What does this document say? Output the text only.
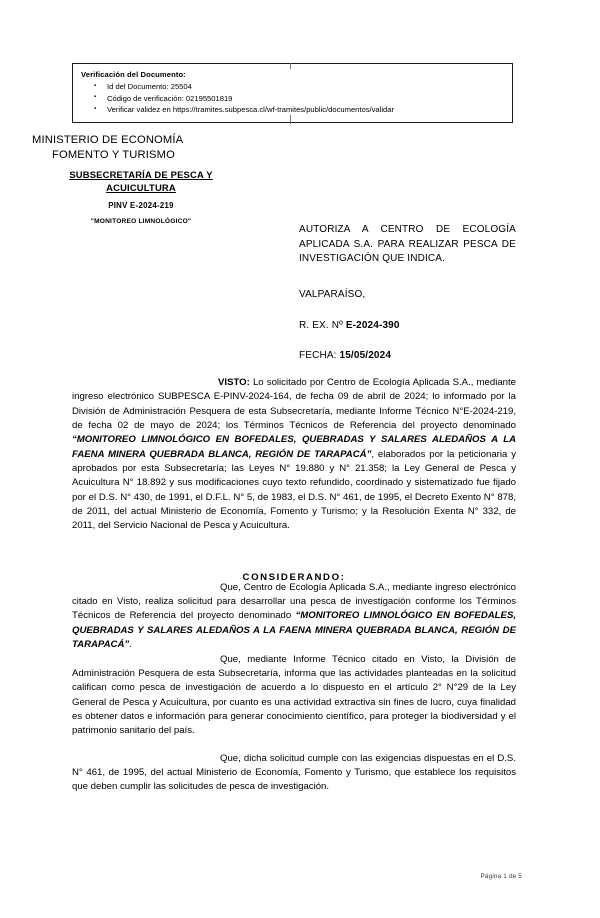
Verificación del Documento:
▪ Id del Documento: 25504
▪ Código de verificación: 02195501819
▪ Verificar validez en https://tramites.subpesca.cl/wf-tramites/public/documentos/validar
MINISTERIO DE ECONOMÍA
FOMENTO Y TURISMO
SUBSECRETARÍA DE PESCA Y
ACUICULTURA
PINV E-2024-219
"MONITOREO LIMNOLÓGICO"
AUTORIZA A CENTRO DE ECOLOGÍA APLICADA S.A. PARA REALIZAR PESCA DE INVESTIGACIÓN QUE INDICA.
VALPARAÍSO,
R. EX. Nº E-2024-390
FECHA: 15/05/2024

VISTO: Lo solicitado por Centro de Ecología Aplicada S.A., mediante ingreso electrónico SUBPESCA E-PINV-2024-164, de fecha 09 de abril de 2024; lo informado por la División de Administración Pesquera de esta Subsecretaría, mediante Informe Técnico N°E-2024-219, de fecha 02 de mayo de 2024; los Términos Técnicos de Referencia del proyecto denominado “MONITOREO LIMNOLÓGICO EN BOFEDALES, QUEBRADAS Y SALARES ALEDAÑOS A LA FAENA MINERA QUEBRADA BLANCA, REGIÓN DE TARAPACÁ”, elaborados por la peticionaria y aprobados por esta Subsecretaría; las Leyes N° 19.880 y N° 21.358; la Ley General de Pesca y Acuicultura N° 18.892 y sus modificaciones cuyo texto refundido, coordinado y sistematizado fue fijado por el D.S. N° 430, de 1991, el D.F.L. N° 5, de 1983, el D.S. N° 461, de 1995, el Decreto Exento N° 878, de 2011, del actual Ministerio de Economía, Fomento y Turismo; y la Resolución Exenta N° 332, de 2011, del Servicio Nacional de Pesca y Acuicultura.

Que, Centro de Ecología Aplicada S.A., mediante ingreso electrónico citado en Visto, realiza solicitud para desarrollar una pesca de investigación conforme los Términos Técnicos de Referencia del proyecto denominado “MONITOREO LIMNOLÓGICO EN BOFEDALES, QUEBRADAS Y SALARES ALEDAÑOS A LA FAENA MINERA QUEBRADA BLANCA, REGIÓN DE TARAPACÁ”.

Que, mediante Informe Técnico citado en Visto, la División de Administración Pesquera de esta Subsecretaría, informa que las actividades planteadas en la solicitud califican como pesca de investigación de acuerdo a lo dispuesto en el artículo 2° N°29 de la Ley General de Pesca y Acuicultura, por cuanto es una actividad extractiva sin fines de lucro, cuya finalidad es obtener datos e información para generar conocimiento científico, para proteger la biodiversidad y el patrimonio sanitario del país.

Que, dicha solicitud cumple con las exigencias dispuestas en el D.S. N° 461, de 1995, del actual Ministerio de Economía, Fomento y Turismo, que establece los requisitos que deben cumplir las solicitudes de pesca de investigación.

CONSIDERANDO:
Página 1 de 5
